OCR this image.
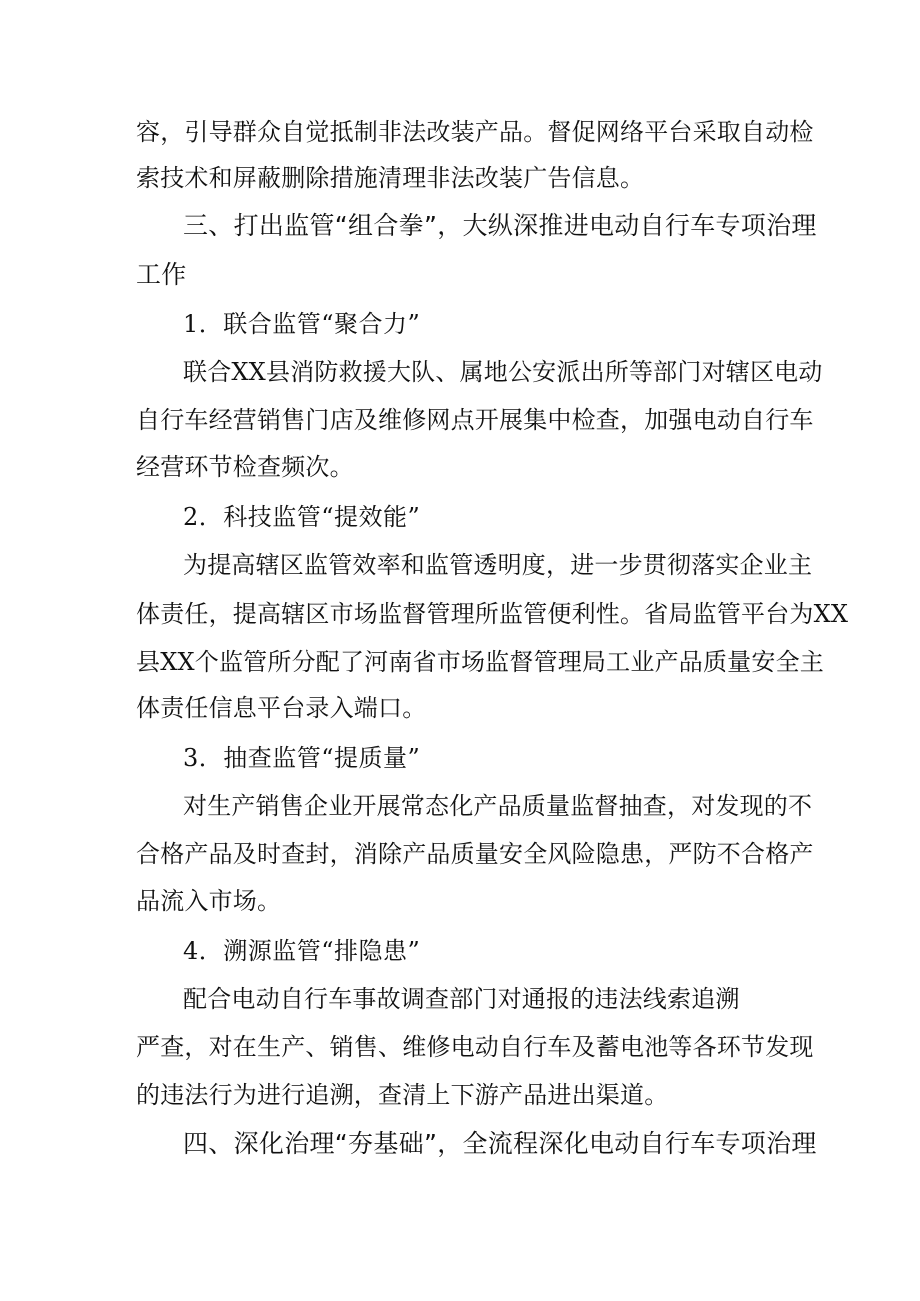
容，引导群众自觉抵制非法改装产品。督促网络平台采取自动检
索技术和屏蔽删除措施清理非法改装广告信息。
三、打出监管“组合拳”，大纵深推进电动自行车专项治理
工作
1．联合监管“聚合力”
联合XX县消防救援大队、属地公安派出所等部门对辖区电动
自行车经营销售门店及维修网点开展集中检查，加强电动自行车
经营环节检查频次。
2．科技监管“提效能”
为提高辖区监管效率和监管透明度，进一步贯彻落实企业主
体责任，提高辖区市场监督管理所监管便利性。省局监管平台为XX
县XX个监管所分配了河南省市场监督管理局工业产品质量安全主
体责任信息平台录入端口。
3．抽查监管“提质量”
对生产销售企业开展常态化产品质量监督抽查，对发现的不
合格产品及时查封，消除产品质量安全风险隐患，严防不合格产
品流入市场。
4．溯源监管“排隐患”
配合电动自行车事故调查部门对通报的违法线索追溯
严查，对在生产、销售、维修电动自行车及蓄电池等各环节发现
的违法行为进行追溯，查清上下游产品进出渠道。
四、深化治理“夯基础”，全流程深化电动自行车专项治理
